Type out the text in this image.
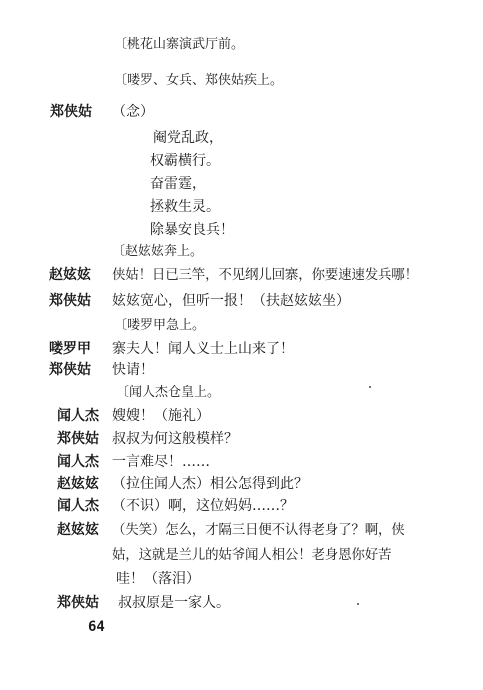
〔桃花山寨演武厅前。
〔喽罗、女兵、郑侠姑疾上。
郑侠姑 （念）
阉党乱政，
权霸横行。
奋雷霆，
拯救生灵。
除暴安良兵！
〔赵妶妶奔上。
赵妶妶 侠姑！日已三竿，不见纲儿回寨，你要速速发兵哪！
郑侠姑 妶妶宽心，但听一报！（扶赵妶妶坐）
〔喽罗甲急上。
喽罗甲 寨夫人！闻人义士上山来了！
郑侠姑 快请！
〔闻人杰仓皇上。
闻人杰 嫂嫂！（施礼）
郑侠姑 叔叔为何这般模样？
闻人杰 一言难尽！……
赵妶妶 （拉住闻人杰）相公怎得到此？
闻人杰 （不识）啊，这位妈妈……？
赵妶妶 （失笑）怎么，才隔三日便不认得老身了？啊，侠
姑，这就是兰儿的姑爷闻人相公！老身恩你好苦
哇！（落泪）
郑侠姑 叔叔原是一家人。
64
